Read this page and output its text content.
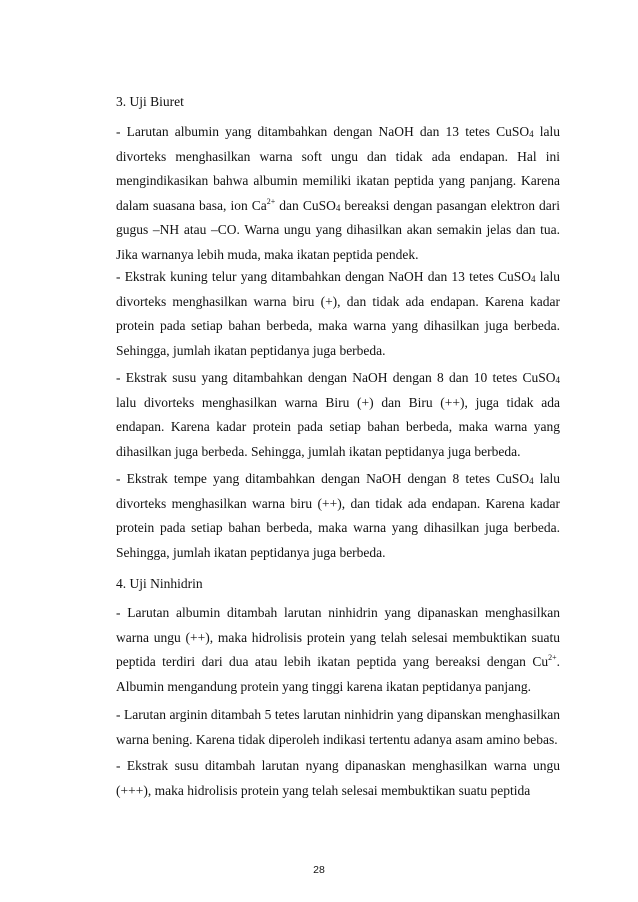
3. Uji Biuret
- Larutan albumin yang ditambahkan dengan NaOH dan 13 tetes CuSO$_4$ lalu divorteks menghasilkan warna soft ungu dan tidak ada endapan. Hal ini mengindikasikan bahwa albumin memiliki ikatan peptida yang panjang. Karena dalam suasana basa, ion $Ca^{2+}$ dan CuSO$_4$ bereaksi dengan pasangan elektron dari gugus –NH atau –CO. Warna ungu yang dihasilkan akan semakin jelas dan tua. Jika warnanya lebih muda, maka ikatan peptida pendek.
- Ekstrak kuning telur yang ditambahkan dengan NaOH dan 13 tetes CuSO$_4$ lalu divorteks menghasilkan warna biru (+), dan tidak ada endapan. Karena kadar protein pada setiap bahan berbeda, maka warna yang dihasilkan juga berbeda. Sehingga, jumlah ikatan peptidanya juga berbeda.
- Ekstrak susu yang ditambahkan dengan NaOH dengan 8 dan 10 tetes CuSO$_4$ lalu divorteks menghasilkan warna Biru (+) dan Biru (++), juga tidak ada endapan. Karena kadar protein pada setiap bahan berbeda, maka warna yang dihasilkan juga berbeda. Sehingga, jumlah ikatan peptidanya juga berbeda.
- Ekstrak tempe yang ditambahkan dengan NaOH dengan 8 tetes CuSO$_4$ lalu divorteks menghasilkan warna biru (++), dan tidak ada endapan. Karena kadar protein pada setiap bahan berbeda, maka warna yang dihasilkan juga berbeda. Sehingga, jumlah ikatan peptidanya juga berbeda.
4. Uji Ninhidrin
- Larutan albumin ditambah larutan ninhidrin yang dipanaskan menghasilkan warna ungu (++), maka hidrolisis protein yang telah selesai membuktikan suatu peptida terdiri dari dua atau lebih ikatan peptida yang bereaksi dengan $Cu^{2+}$. Albumin mengandung protein yang tinggi karena ikatan peptidanya panjang.
- Larutan arginin ditambah 5 tetes larutan ninhidrin yang dipanskan menghasilkan warna bening. Karena tidak diperoleh indikasi tertentu adanya asam amino bebas.
- Ekstrak susu ditambah larutan nyang dipanaskan menghasilkan warna ungu (+++), maka hidrolisis protein yang telah selesai membuktikan suatu peptida
28
